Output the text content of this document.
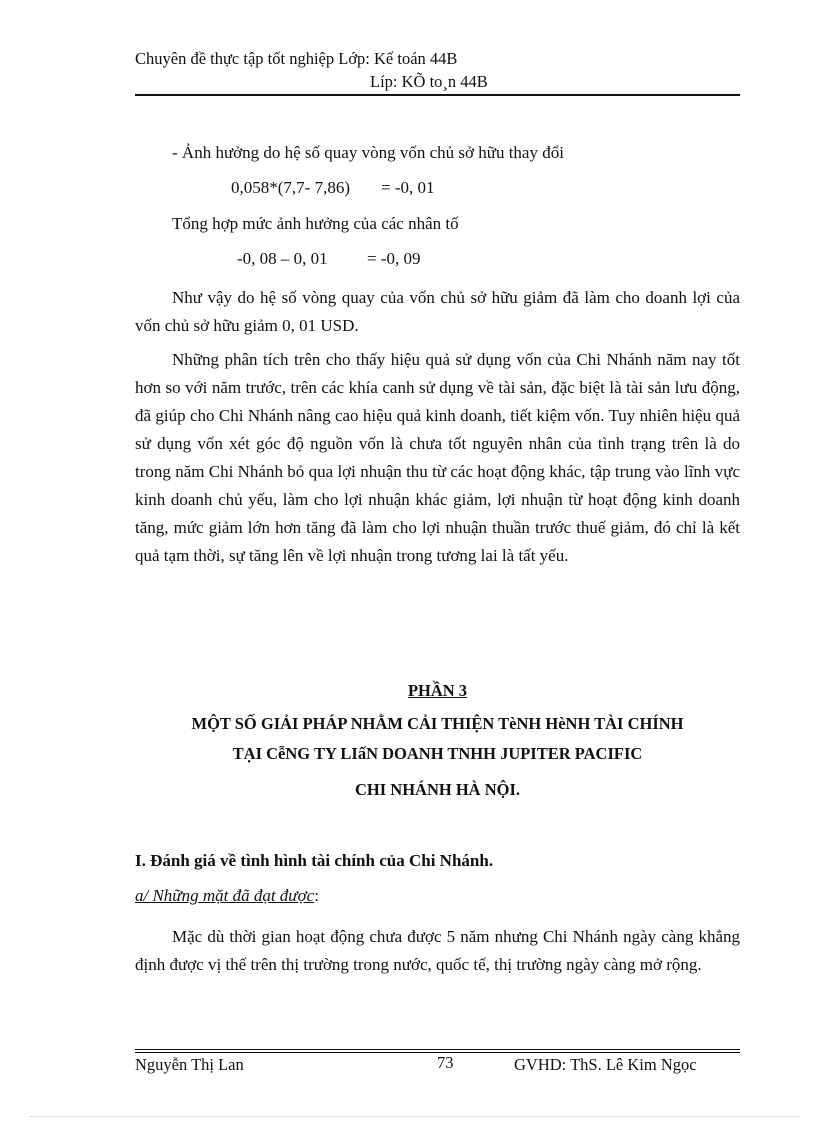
Chuyên đề thực tập tốt nghiệp Lớp: Kế toán 44B
Líp: KÕ to¸n 44B
- Ảnh hưởng do hệ số quay vòng vốn chủ sở hữu thay đổi
0,058*(7,7- 7,86) = -0, 01
Tổng hợp mức ảnh hưởng của các nhân tố
-0, 08 – 0, 01 = -0, 09

Như vậy do hệ số vòng quay của vốn chủ sở hữu giảm đã làm cho doanh lợi của vốn chủ sở hữu giảm 0, 01 USD.

Những phân tích trên cho thấy hiệu quả sử dụng vốn của Chi Nhánh năm nay tốt hơn so với năm trước, trên các khía canh sử dụng về tài sản, đặc biệt là tài sản lưu động, đã giúp cho Chi Nhánh nâng cao hiệu quả kinh doanh, tiết kiệm vốn. Tuy nhiên hiệu quả sử dụng vốn xét góc độ nguồn vốn là chưa tốt nguyên nhân của tình trạng trên là do trong năm Chi Nhánh bỏ qua lợi nhuận thu từ các hoạt động khác, tập trung vào lĩnh vực kinh doanh chủ yếu, làm cho lợi nhuận khác giảm, lợi nhuận từ hoạt động kinh doanh tăng, mức giảm lớn hơn tăng đã làm cho lợi nhuận thuần trước thuế giảm, đó chỉ là kết quả tạm thời, sự tăng lên về lợi nhuận trong tương lai là tất yếu.

PHẦN 3
MỘT SỐ GIẢI PHÁP NHẰM CẢI THIỆN TèNH HèNH TÀI CHÍNH
TẠI CễNG TY LIấN DOANH TNHH JUPITER PACIFIC
CHI NHÁNH HÀ NỘI.
I. Đánh giá về tình hình tài chính của Chi Nhánh.
a/ Những mặt đã đạt được:

Mặc dù thời gian hoạt động chưa được 5 năm nhưng Chi Nhánh ngày càng khẳng định được vị thế trên thị trường trong nước, quốc tế, thị trường ngày càng mở rộng.

Nguyễn Thị Lan	73	GVHD: ThS. Lê Kim Ngọc
